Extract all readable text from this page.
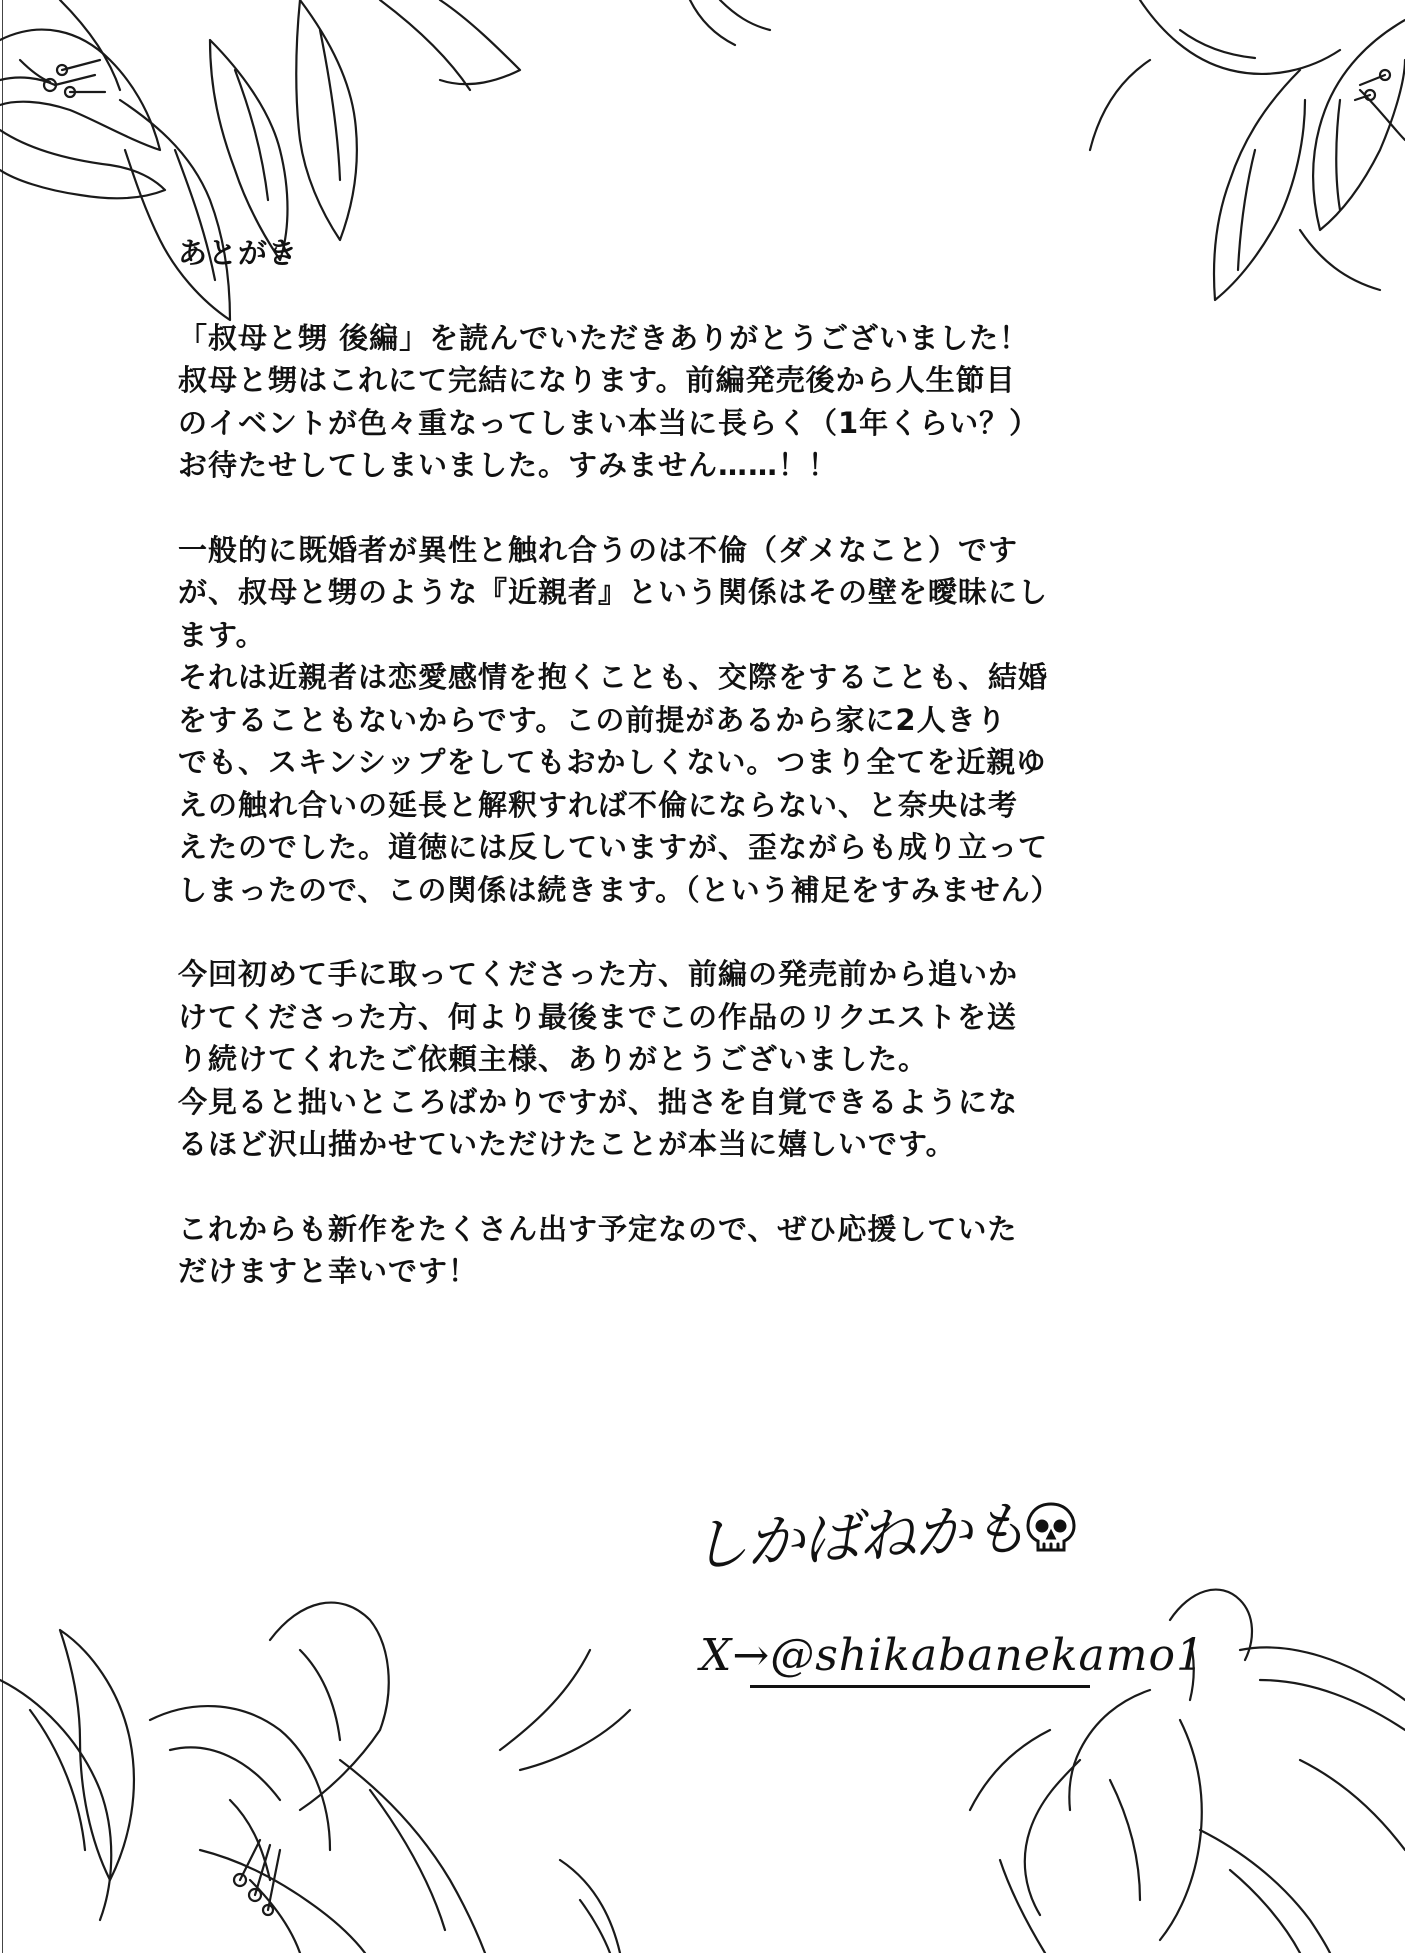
あとがき

「叔母と甥 後編」を読んでいただきありがとうございました！

叔母と甥はこれにて完結になります。前編発売後から人生節目

のイベントが色々重なってしまい本当に長らく（1年くらい？）

お待たせしてしまいました。すみません……！！

一般的に既婚者が異性と触れ合うのは不倫（ダメなこと）です

が、叔母と甥のような『近親者』という関係はその壁を曖昧にし

ます。

それは近親者は恋愛感情を抱くことも、交際をすることも、結婚

をすることもないからです。この前提があるから家に2人きり

でも、スキンシップをしてもおかしくない。つまり全てを近親ゆ

えの触れ合いの延長と解釈すれば不倫にならない、と奈央は考

えたのでした。道徳には反していますが、歪ながらも成り立って

しまったので、この関係は続きます。（という補足をすみません）

今回初めて手に取ってくださった方、前編の発売前から追いか

けてくださった方、何より最後までこの作品のリクエストを送

り続けてくれたご依頼主様、ありがとうございました。

今見ると拙いところばかりですが、拙さを自覚できるようにな

るほど沢山描かせていただけたことが本当に嬉しいです。

これからも新作をたくさん出す予定なので、ぜひ応援していた

だけますと幸いです！

しかばねかも
X→@shikabanekamo1
